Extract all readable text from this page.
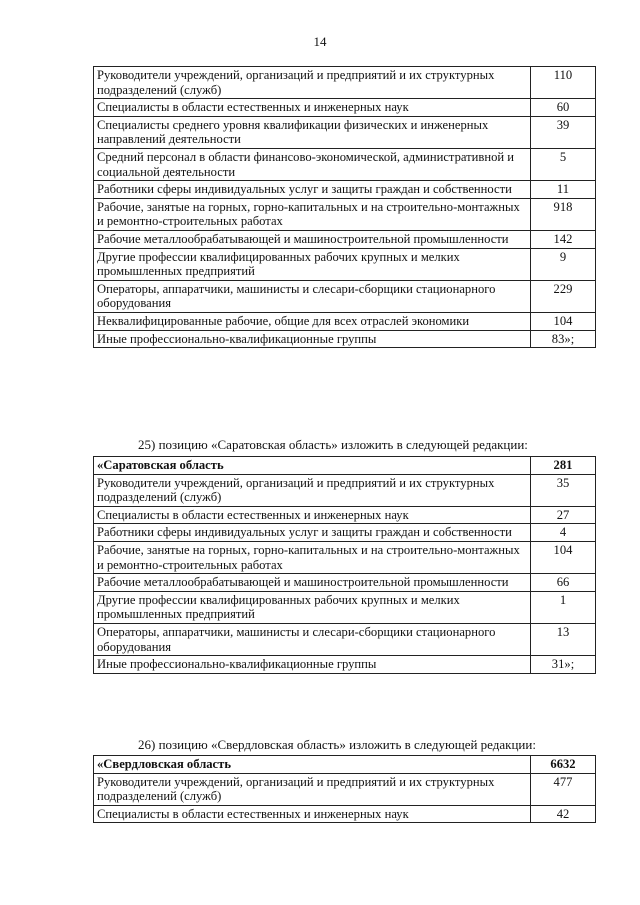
14
Руководители учреждений, организаций и предприятий и их структурных подразделений (служб)	110
Специалисты в области естественных и инженерных наук	60
Специалисты среднего уровня квалификации физических и инженерных направлений деятельности	39
Средний персонал в области финансово-экономической, административной и социальной деятельности	5
Работники сферы индивидуальных услуг и защиты граждан и собственности	11
Рабочие, занятые на горных, горно-капитальных и на строительно-монтажных и ремонтно-строительных работах	918
Рабочие металлообрабатывающей и машиностроительной промышленности	142
Другие профессии квалифицированных рабочих крупных и мелких промышленных предприятий	9
Операторы, аппаратчики, машинисты и слесари-сборщики стационарного оборудования	229
Неквалифицированные рабочие, общие для всех отраслей экономики	104
Иные профессионально-квалификационные группы	83»;
25) позицию «Саратовская область» изложить в следующей редакции:
«Саратовская область	281
Руководители учреждений, организаций и предприятий и их структурных подразделений (служб)	35
Специалисты в области естественных и инженерных наук	27
Работники сферы индивидуальных услуг и защиты граждан и собственности	4
Рабочие, занятые на горных, горно-капитальных и на строительно-монтажных и ремонтно-строительных работах	104
Рабочие металлообрабатывающей и машиностроительной промышленности	66
Другие профессии квалифицированных рабочих крупных и мелких промышленных предприятий	1
Операторы, аппаратчики, машинисты и слесари-сборщики стационарного оборудования	13
Иные профессионально-квалификационные группы	31»;
26) позицию «Свердловская область» изложить в следующей редакции:
«Свердловская область	6632
Руководители учреждений, организаций и предприятий и их структурных подразделений (служб)	477
Специалисты в области естественных и инженерных наук	42
